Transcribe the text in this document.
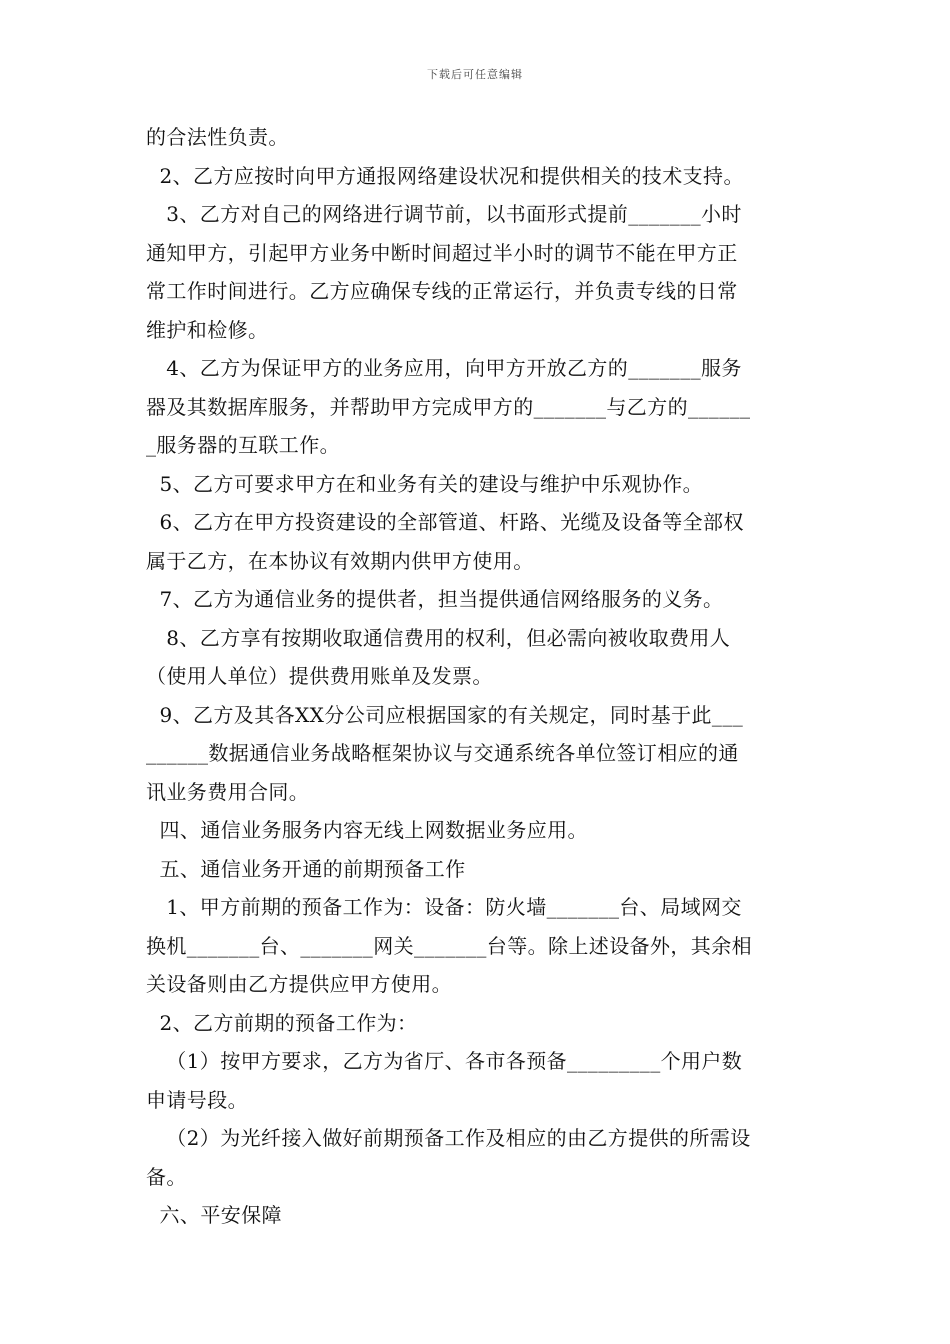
下载后可任意编辑
的合法性负责。
2、乙方应按时向甲方通报网络建设状况和提供相关的技术支持。
3、乙方对自己的网络进行调节前，以书面形式提前_______小时
通知甲方，引起甲方业务中断时间超过半小时的调节不能在甲方正
常工作时间进行。乙方应确保专线的正常运行，并负责专线的日常
维护和检修。
4、乙方为保证甲方的业务应用，向甲方开放乙方的_______服务
器及其数据库服务，并帮助甲方完成甲方的_______与乙方的______
_服务器的互联工作。
5、乙方可要求甲方在和业务有关的建设与维护中乐观协作。
6、乙方在甲方投资建设的全部管道、杆路、光缆及设备等全部权
属于乙方，在本协议有效期内供甲方使用。
7、乙方为通信业务的提供者，担当提供通信网络服务的义务。
8、乙方享有按期收取通信费用的权利，但必需向被收取费用人
（使用人单位）提供费用账单及发票。
9、乙方及其各XX分公司应根据国家的有关规定，同时基于此___
______数据通信业务战略框架协议与交通系统各单位签订相应的通
讯业务费用合同。
四、通信业务服务内容无线上网数据业务应用。
五、通信业务开通的前期预备工作
1、甲方前期的预备工作为：设备：防火墙_______台、局域网交
换机_______台、_______网关_______台等。除上述设备外，其余相
关设备则由乙方提供应甲方使用。
2、乙方前期的预备工作为：
（1）按甲方要求，乙方为省厅、各市各预备_________个用户数
申请号段。
（2）为光纤接入做好前期预备工作及相应的由乙方提供的所需设
备。
六、平安保障
